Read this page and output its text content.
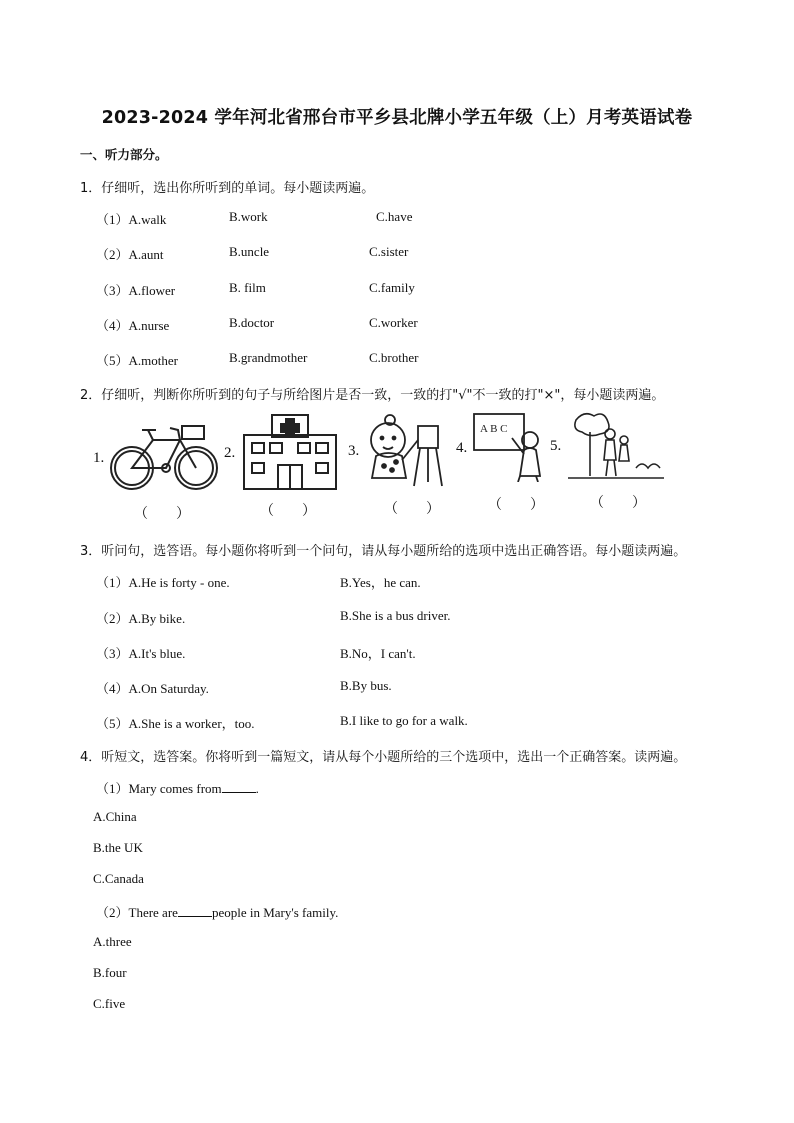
2023-2024 学年河北省邢台市平乡县北牌小学五年级（上）月考英语试卷
一、听力部分。
1．仔细听，选出你所听到的单词。每小题读两遍。
（1）A.walk	B.work	C.have
（2）A.aunt	B.uncle	C.sister
（3）A.flower	B. film	C.family
（4）A.nurse	B.doctor	C.worker
（5）A.mother	B.grandmother	C.brother
2．仔细听，判断你所听到的句子与所给图片是否一致，一致的打"√"不一致的打"×"，每小题读两遍。
1.
（　　）
2.
（　　）
3.
（　　）
4.
A B C
（　　）
5.
（　　）
3．听问句，选答语。每小题你将听到一个问句，请从每小题所给的选项中选出正确答语。每小题读两遍。
（1）A.He is forty - one.	B.Yes，he can.
（2）A.By bike.	B.She is a bus driver.
（3）A.It's blue.	B.No，I can't.
（4）A.On Saturday.	B.By bus.
（5）A.She is a worker，too.	B.I like to go for a walk.
4．听短文，选答案。你将听到一篇短文，请从每个小题所给的三个选项中，选出一个正确答案。读两遍。
（1）Mary comes from	.
A.China
B.the UK
C.Canada
（2）There are	people in Mary's family.
A.three
B.four
C.five
